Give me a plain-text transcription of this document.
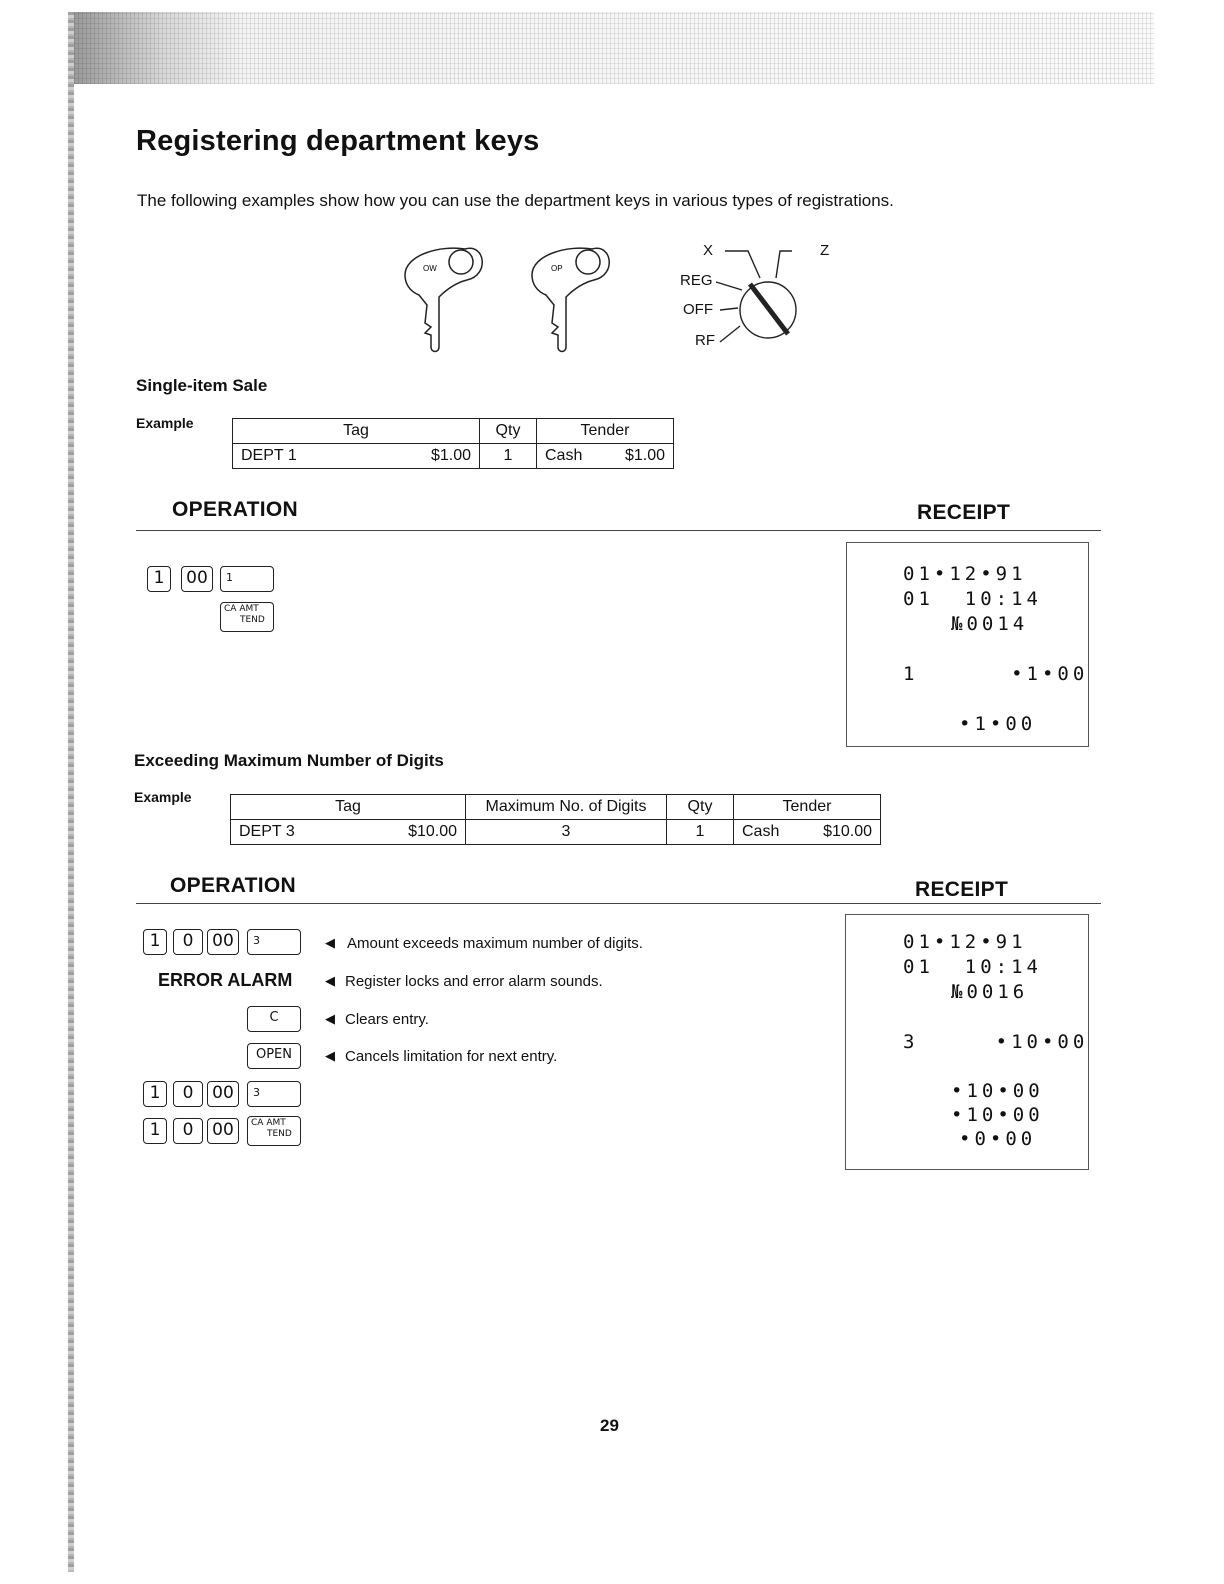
Registering department keys
The following examples show how you can use the department keys in various types of registrations.
OW	OP
X	Z
REG
OFF
RF
Single-item Sale
Example	Tag		Qty	Tender	
DEPT 1	$1.00	1	Cash	$1.00
OPERATION	RECEIPT
1	00	1
CA AMT
TEND
01•12•91
01  10:14
№0014
1      •1•00
•1•00
Exceeding Maximum Number of Digits
Example
Tag		Maximum No. of Digits	Qty	Tender	
DEPT 3	$10.00	3	1	Cash	$10.00
OPERATION	RECEIPT
1	0	00	3	◀ Amount exceeds maximum number of digits.
ERROR ALARM	◀ Register locks and error alarm sounds.
C	◀ Clears entry.
OPEN	◀ Cancels limitation for next entry.
1	0	00	3
1	0	00	CA AMT
TEND
01•12•91
01  10:14
№0016
3     •10•00
•10•00
•10•00
•0•00
29
